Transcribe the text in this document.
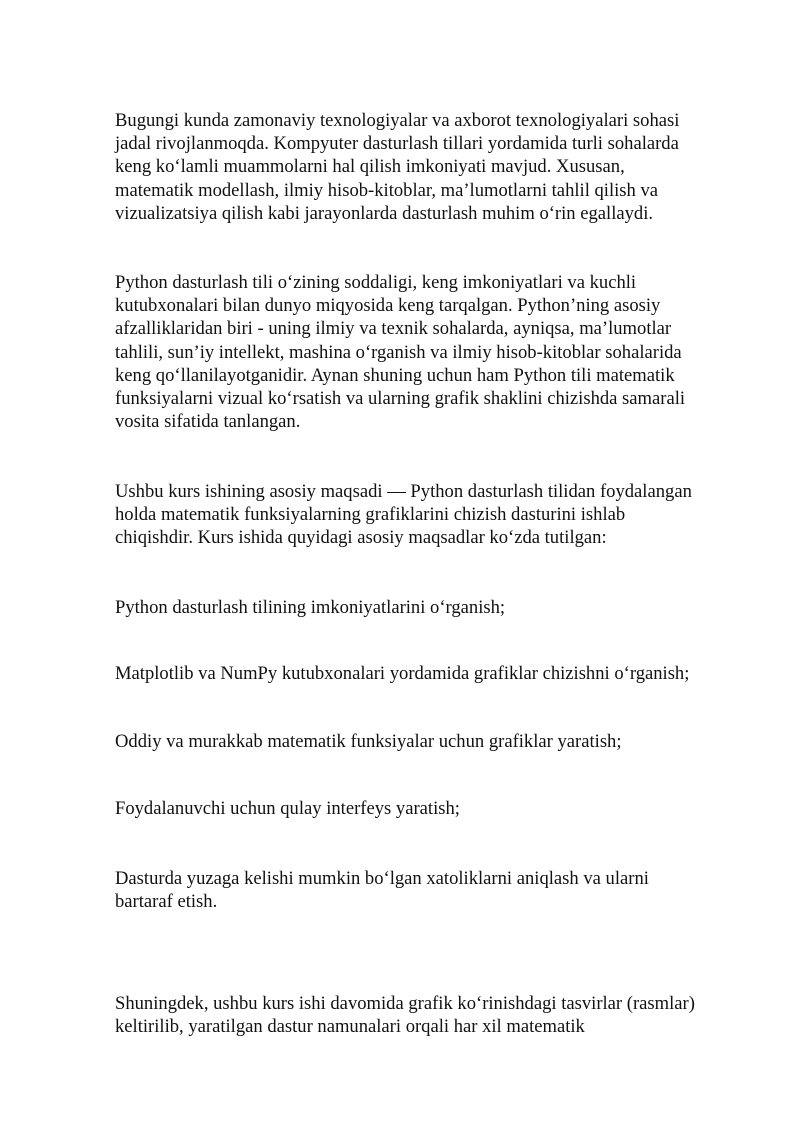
Bugungi kunda zamonaviy texnologiyalar va axborot texnologiyalari sohasi
jadal rivojlanmoqda. Kompyuter dasturlash tillari yordamida turli sohalarda
keng ko‘lamli muammolarni hal qilish imkoniyati mavjud. Xususan,
matematik modellash, ilmiy hisob-kitoblar, ma’lumotlarni tahlil qilish va
vizualizatsiya qilish kabi jarayonlarda dasturlash muhim o‘rin egallaydi.

Python dasturlash tili o‘zining soddaligi, keng imkoniyatlari va kuchli
kutubxonalari bilan dunyo miqyosida keng tarqalgan. Python’ning asosiy
afzalliklaridan biri - uning ilmiy va texnik sohalarda, ayniqsa, ma’lumotlar
tahlili, sun’iy intellekt, mashina o‘rganish va ilmiy hisob-kitoblar sohalarida
keng qo‘llanilayotganidir. Aynan shuning uchun ham Python tili matematik
funksiyalarni vizual ko‘rsatish va ularning grafik shaklini chizishda samarali
vosita sifatida tanlangan.

Ushbu kurs ishining asosiy maqsadi — Python dasturlash tilidan foydalangan
holda matematik funksiyalarning grafiklarini chizish dasturini ishlab
chiqishdir. Kurs ishida quyidagi asosiy maqsadlar ko‘zda tutilgan:

Python dasturlash tilining imkoniyatlarini o‘rganish;

Matplotlib va NumPy kutubxonalari yordamida grafiklar chizishni o‘rganish;

Oddiy va murakkab matematik funksiyalar uchun grafiklar yaratish;

Foydalanuvchi uchun qulay interfeys yaratish;

Dasturda yuzaga kelishi mumkin bo‘lgan xatoliklarni aniqlash va ularni
bartaraf etish.

Shuningdek, ushbu kurs ishi davomida grafik ko‘rinishdagi tasvirlar (rasmlar)
keltirilib, yaratilgan dastur namunalari orqali har xil matematik
